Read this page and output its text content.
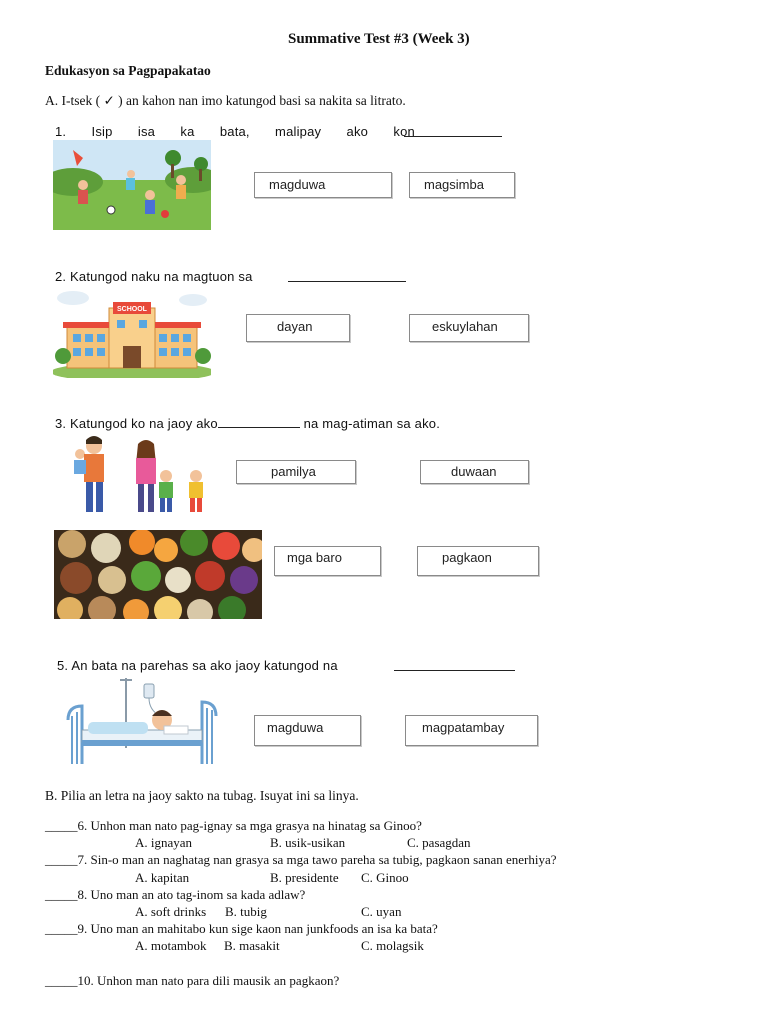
Summative Test #3 (Week 3)
Edukasyon sa Pagpapakatao
A. I-tsek ( ✓ ) an kahon nan imo katungod basi sa nakita sa litrato.
1. Isip isa ka bata, malipay ako kon
magduwa	magsimba
2. Katungod naku na magtuon sa
SCHOOL
dayan	eskuylahan
3. Katungod ko na jaoy ako	na mag-atiman sa ako.
pamilya	duwaan
mga baro	pagkaon
5. An bata na parehas sa ako jaoy katungod na
magduwa	magpatambay
B. Pilia an letra na jaoy sakto na tubag. Isuyat ini sa linya.
_____6. Unhon man nato pag-ignay sa mga grasya na hinatag sa Ginoo?
A. ignayan	B. usik-usikan	C. pasagdan
_____7. Sin-o man an naghatag nan grasya sa mga tawo pareha sa tubig, pagkaon sanan enerhiya?
A. kapitan	B. presidente C. Ginoo
_____8. Uno man an ato tag-inom sa kada adlaw?
A. soft drinks B. tubig	C. uyan
_____9. Uno man an mahitabo kun sige kaon nan junkfoods an isa ka bata?
A. motambok B. masakit	C. molagsik
_____10. Unhon man nato para dili mausik an pagkaon?
